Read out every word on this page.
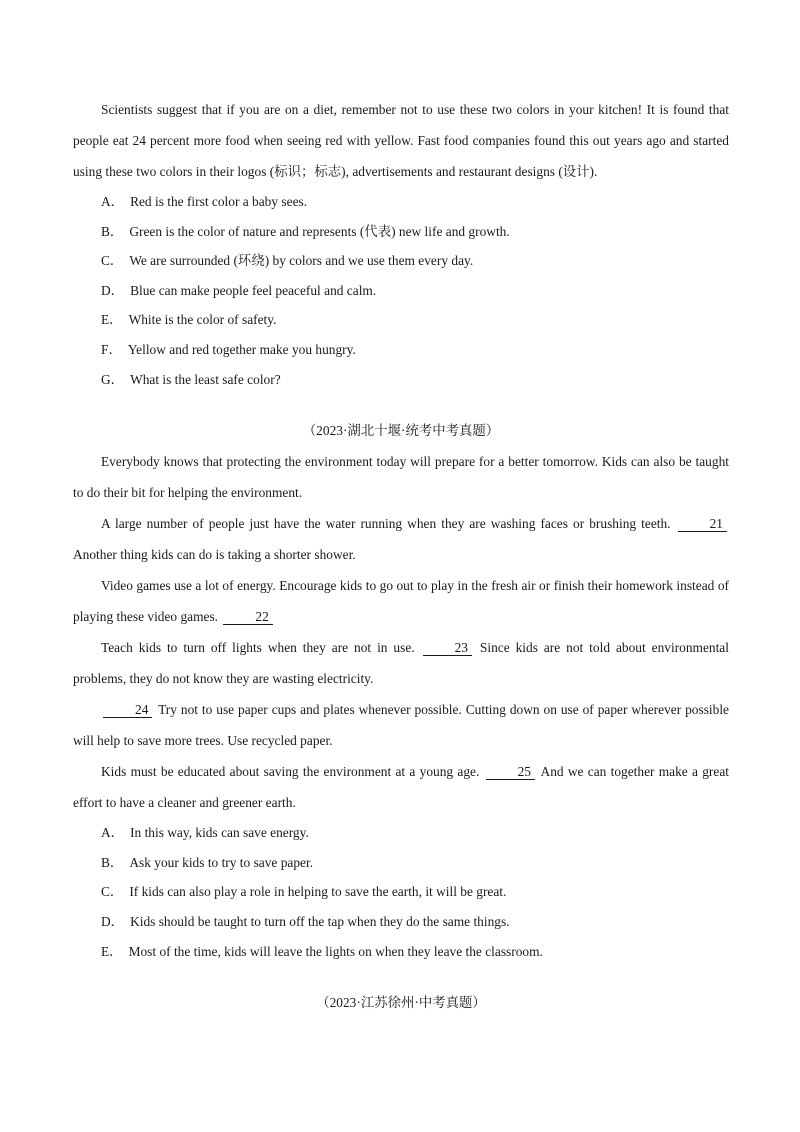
Scientists suggest that if you are on a diet, remember not to use these two colors in your kitchen! It is found that people eat 24 percent more food when seeing red with yellow. Fast food companies found this out years ago and started using these two colors in their logos (标识；标志), advertisements and restaurant designs (设计).

A． Red is the first color a baby sees.

B． Green is the color of nature and represents (代表) new life and growth.

C． We are surrounded (环绕) by colors and we use them every day.

D． Blue can make people feel peaceful and calm.

E． White is the color of safety.

F． Yellow and red together make you hungry.

G． What is the least safe color?

（2023·湖北十堰·统考中考真题）

Everybody knows that protecting the environment today will prepare for a better tomorrow. Kids can also be taught to do their bit for helping the environment.

A large number of people just have the water running when they are washing faces or brushing teeth.	21 Another thing kids can do is taking a shorter shower.

Video games use a lot of energy. Encourage kids to go out to play in the fresh air or finish their homework instead of playing these video games.	22

Teach kids to turn off lights when they are not in use.	23 Since kids are not told about environmental problems, they do not know they are wasting electricity.

24 Try not to use paper cups and plates whenever possible. Cutting down on use of paper wherever possible will help to save more trees. Use recycled paper.

Kids must be educated about saving the environment at a young age.	25 And we can together make a great effort to have a cleaner and greener earth.

A． In this way, kids can save energy.

B． Ask your kids to try to save paper.

C． If kids can also play a role in helping to save the earth, it will be great.

D． Kids should be taught to turn off the tap when they do the same things.

E． Most of the time, kids will leave the lights on when they leave the classroom.

（2023·江苏徐州·中考真题）
